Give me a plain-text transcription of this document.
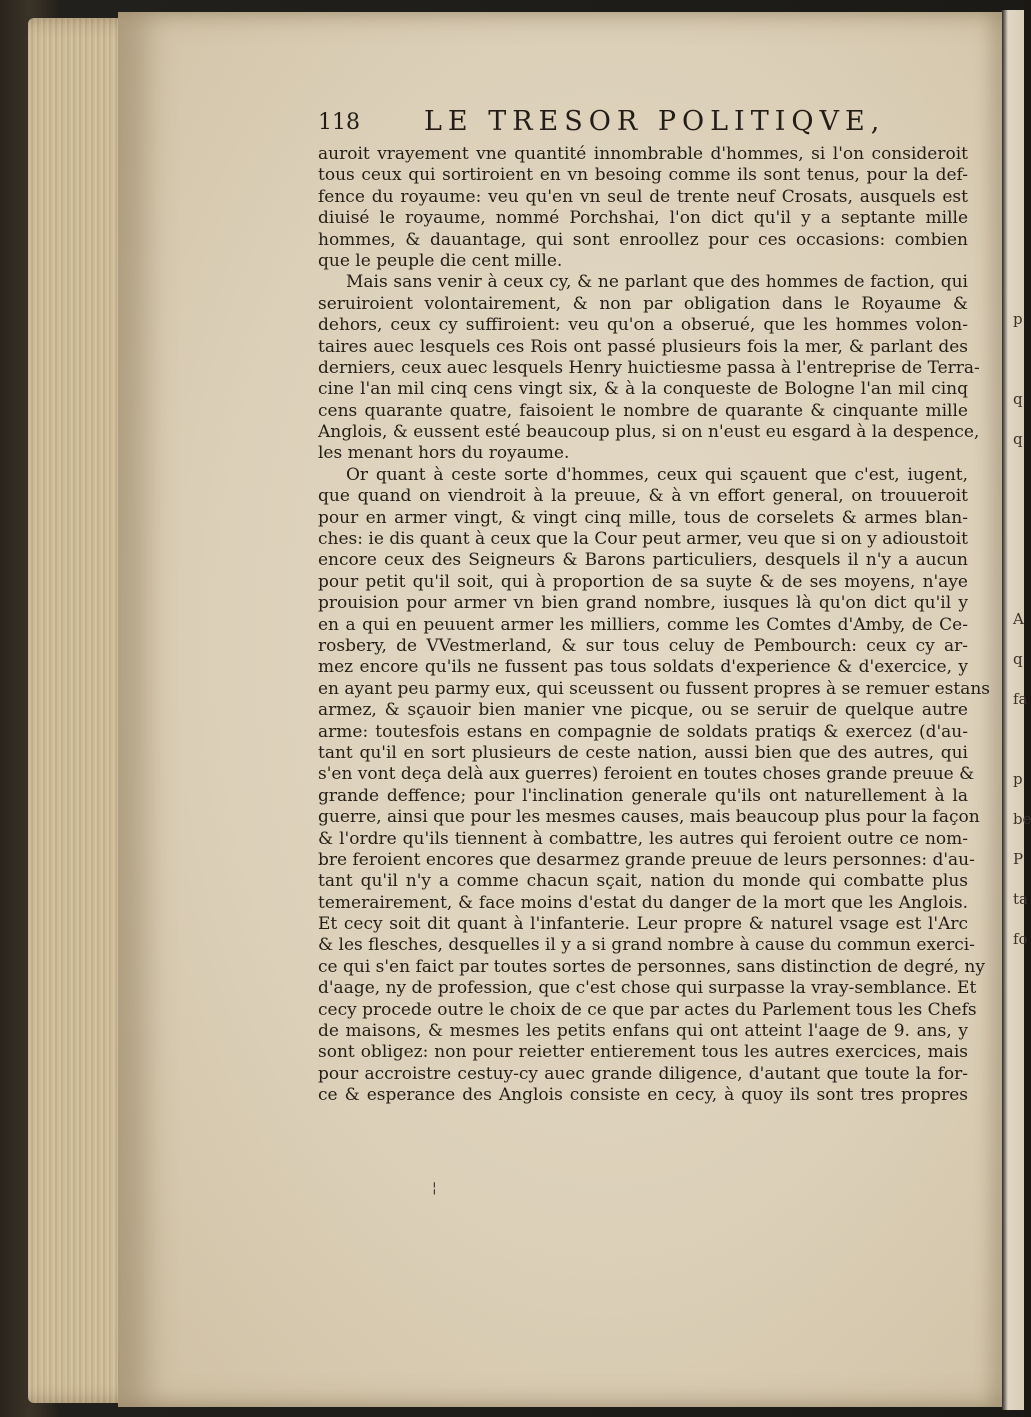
p
q
q
A
q
fa
p
be
P
ta
fo
118 LE TRESOR POLITIQVE,
auroit vrayement vne quantité innombrable d'hommes, si l'on consideroit
tous ceux qui sortiroient en vn besoing comme ils sont tenus, pour la def-
fence du royaume: veu qu'en vn seul de trente neuf Crosats, ausquels est
diuisé le royaume, nommé Porchshai, l'on dict qu'il y a septante mille
hommes, & dauantage, qui sont enroollez pour ces occasions: combien
que le peuple die cent mille.
Mais sans venir à ceux cy, & ne parlant que des hommes de faction, qui
seruiroient volontairement, & non par obligation dans le Royaume &
dehors, ceux cy suffiroient: veu qu'on a obserué, que les hommes volon-
taires auec lesquels ces Rois ont passé plusieurs fois la mer, & parlant des
derniers, ceux auec lesquels Henry huictiesme passa à l'entreprise de Terra-
cine l'an mil cinq cens vingt six, & à la conqueste de Bologne l'an mil cinq
cens quarante quatre, faisoient le nombre de quarante & cinquante mille
Anglois, & eussent esté beaucoup plus, si on n'eust eu esgard à la despence,
les menant hors du royaume.
Or quant à ceste sorte d'hommes, ceux qui sçauent que c'est, iugent,
que quand on viendroit à la preuue, & à vn effort general, on trouueroit
pour en armer vingt, & vingt cinq mille, tous de corselets & armes blan-
ches: ie dis quant à ceux que la Cour peut armer, veu que si on y adioustoit
encore ceux des Seigneurs & Barons particuliers, desquels il n'y a aucun
pour petit qu'il soit, qui à proportion de sa suyte & de ses moyens, n'aye
prouision pour armer vn bien grand nombre, iusques là qu'on dict qu'il y
en a qui en peuuent armer les milliers, comme les Comtes d'Amby, de Ce-
rosbery, de VVestmerland, & sur tous celuy de Pembourch: ceux cy ar-
mez encore qu'ils ne fussent pas tous soldats d'experience & d'exercice, y
en ayant peu parmy eux, qui sceussent ou fussent propres à se remuer estans
armez, & sçauoir bien manier vne picque, ou se seruir de quelque autre
arme: toutesfois estans en compagnie de soldats pratiqs & exercez (d'au-
tant qu'il en sort plusieurs de ceste nation, aussi bien que des autres, qui
s'en vont deça delà aux guerres) feroient en toutes choses grande preuue &
grande deffence; pour l'inclination generale qu'ils ont naturellement à la
guerre, ainsi que pour les mesmes causes, mais beaucoup plus pour la façon
& l'ordre qu'ils tiennent à combattre, les autres qui feroient outre ce nom-
bre feroient encores que desarmez grande preuue de leurs personnes: d'au-
tant qu'il n'y a comme chacun sçait, nation du monde qui combatte plus
temerairement, & face moins d'estat du danger de la mort que les Anglois.
Et cecy soit dit quant à l'infanterie. Leur propre & naturel vsage est l'Arc
& les flesches, desquelles il y a si grand nombre à cause du commun exerci-
ce qui s'en faict par toutes sortes de personnes, sans distinction de degré, ny
d'aage, ny de profession, que c'est chose qui surpasse la vray-semblance. Et
cecy procede outre le choix de ce que par actes du Parlement tous les Chefs
de maisons, & mesmes les petits enfans qui ont atteint l'aage de 9. ans, y
sont obligez: non pour reietter entierement tous les autres exercices, mais
pour accroistre cestuy-cy auec grande diligence, d'autant que toute la for-
ce & esperance des Anglois consiste en cecy, à quoy ils sont tres propres
¦
